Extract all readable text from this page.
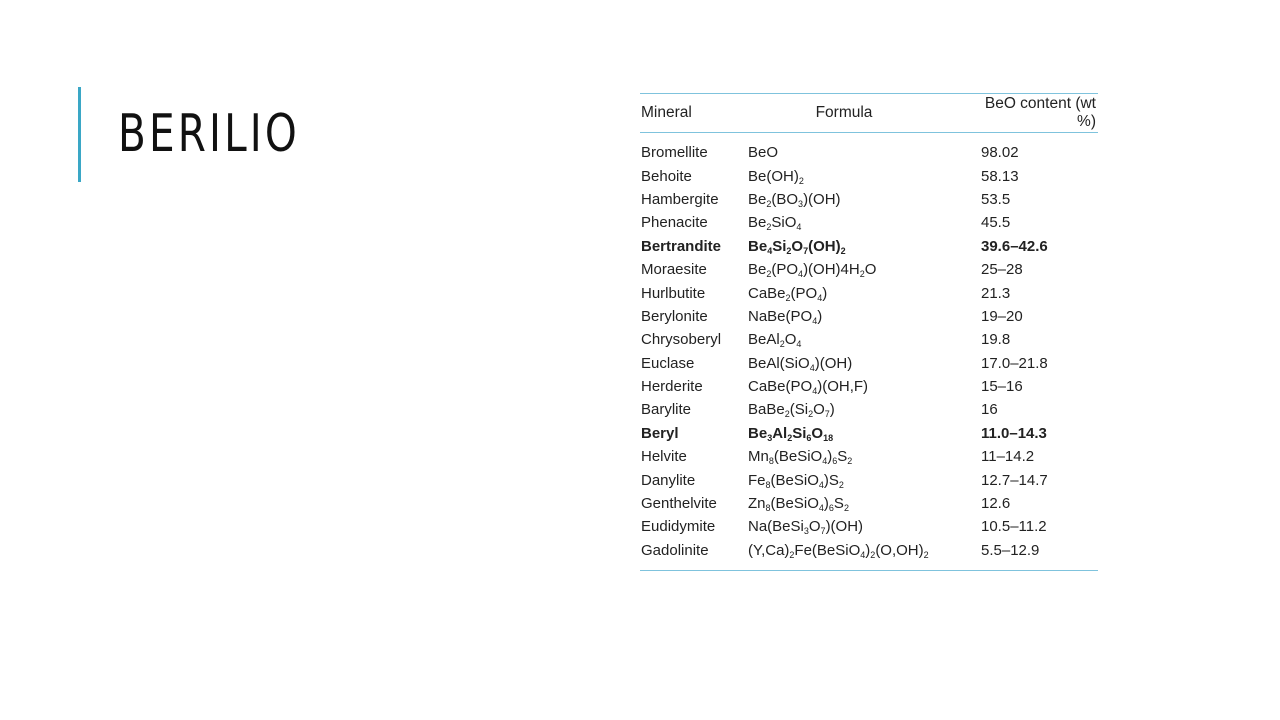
BERILIO	Mineral	Formula	BeO content (wt %)
Bromellite	BeO	98.02
Behoite	$Be(OH)_2$	58.13
Hambergite	$Be_2(BO_3)(OH)$	53.5
Phenacite	$Be_2SiO_4$	45.5
Bertrandite	$Be_4Si_2O_7(OH)_2$	39.6–42.6
Moraesite	$Be_2(PO_4)(OH)4H_2O$	25–28
Hurlbutite	$CaBe_2(PO_4)$	21.3
Berylonite	$NaBe(PO_4)$	19–20
Chrysoberyl	$BeAl_2O_4$	19.8
Euclase	BeAl(SiO$_4$)(OH)	17.0–21.8
Herderite	$CaBe(PO_4)(OH,F)$	15–16
Barylite	$BaBe_2(Si_2O_7)$	16
Beryl	$Be_3Al_2Si_6O_{18}$	11.0–14.3
Helvite	$Mn_8(BeSiO_4)_6S_2$	11–14.2
Danylite	$Fe_8(BeSiO_4)S_2$	12.7–14.7
Genthelvite	$Zn_8(BeSiO_4)_6S_2$	12.6
Eudidymite	$Na(BeSi_3O_7)(OH)$	10.5–11.2
Gadolinite	$(Y,Ca)_2Fe(BeSiO_4)_2(O,OH)_2$	5.5–12.9
